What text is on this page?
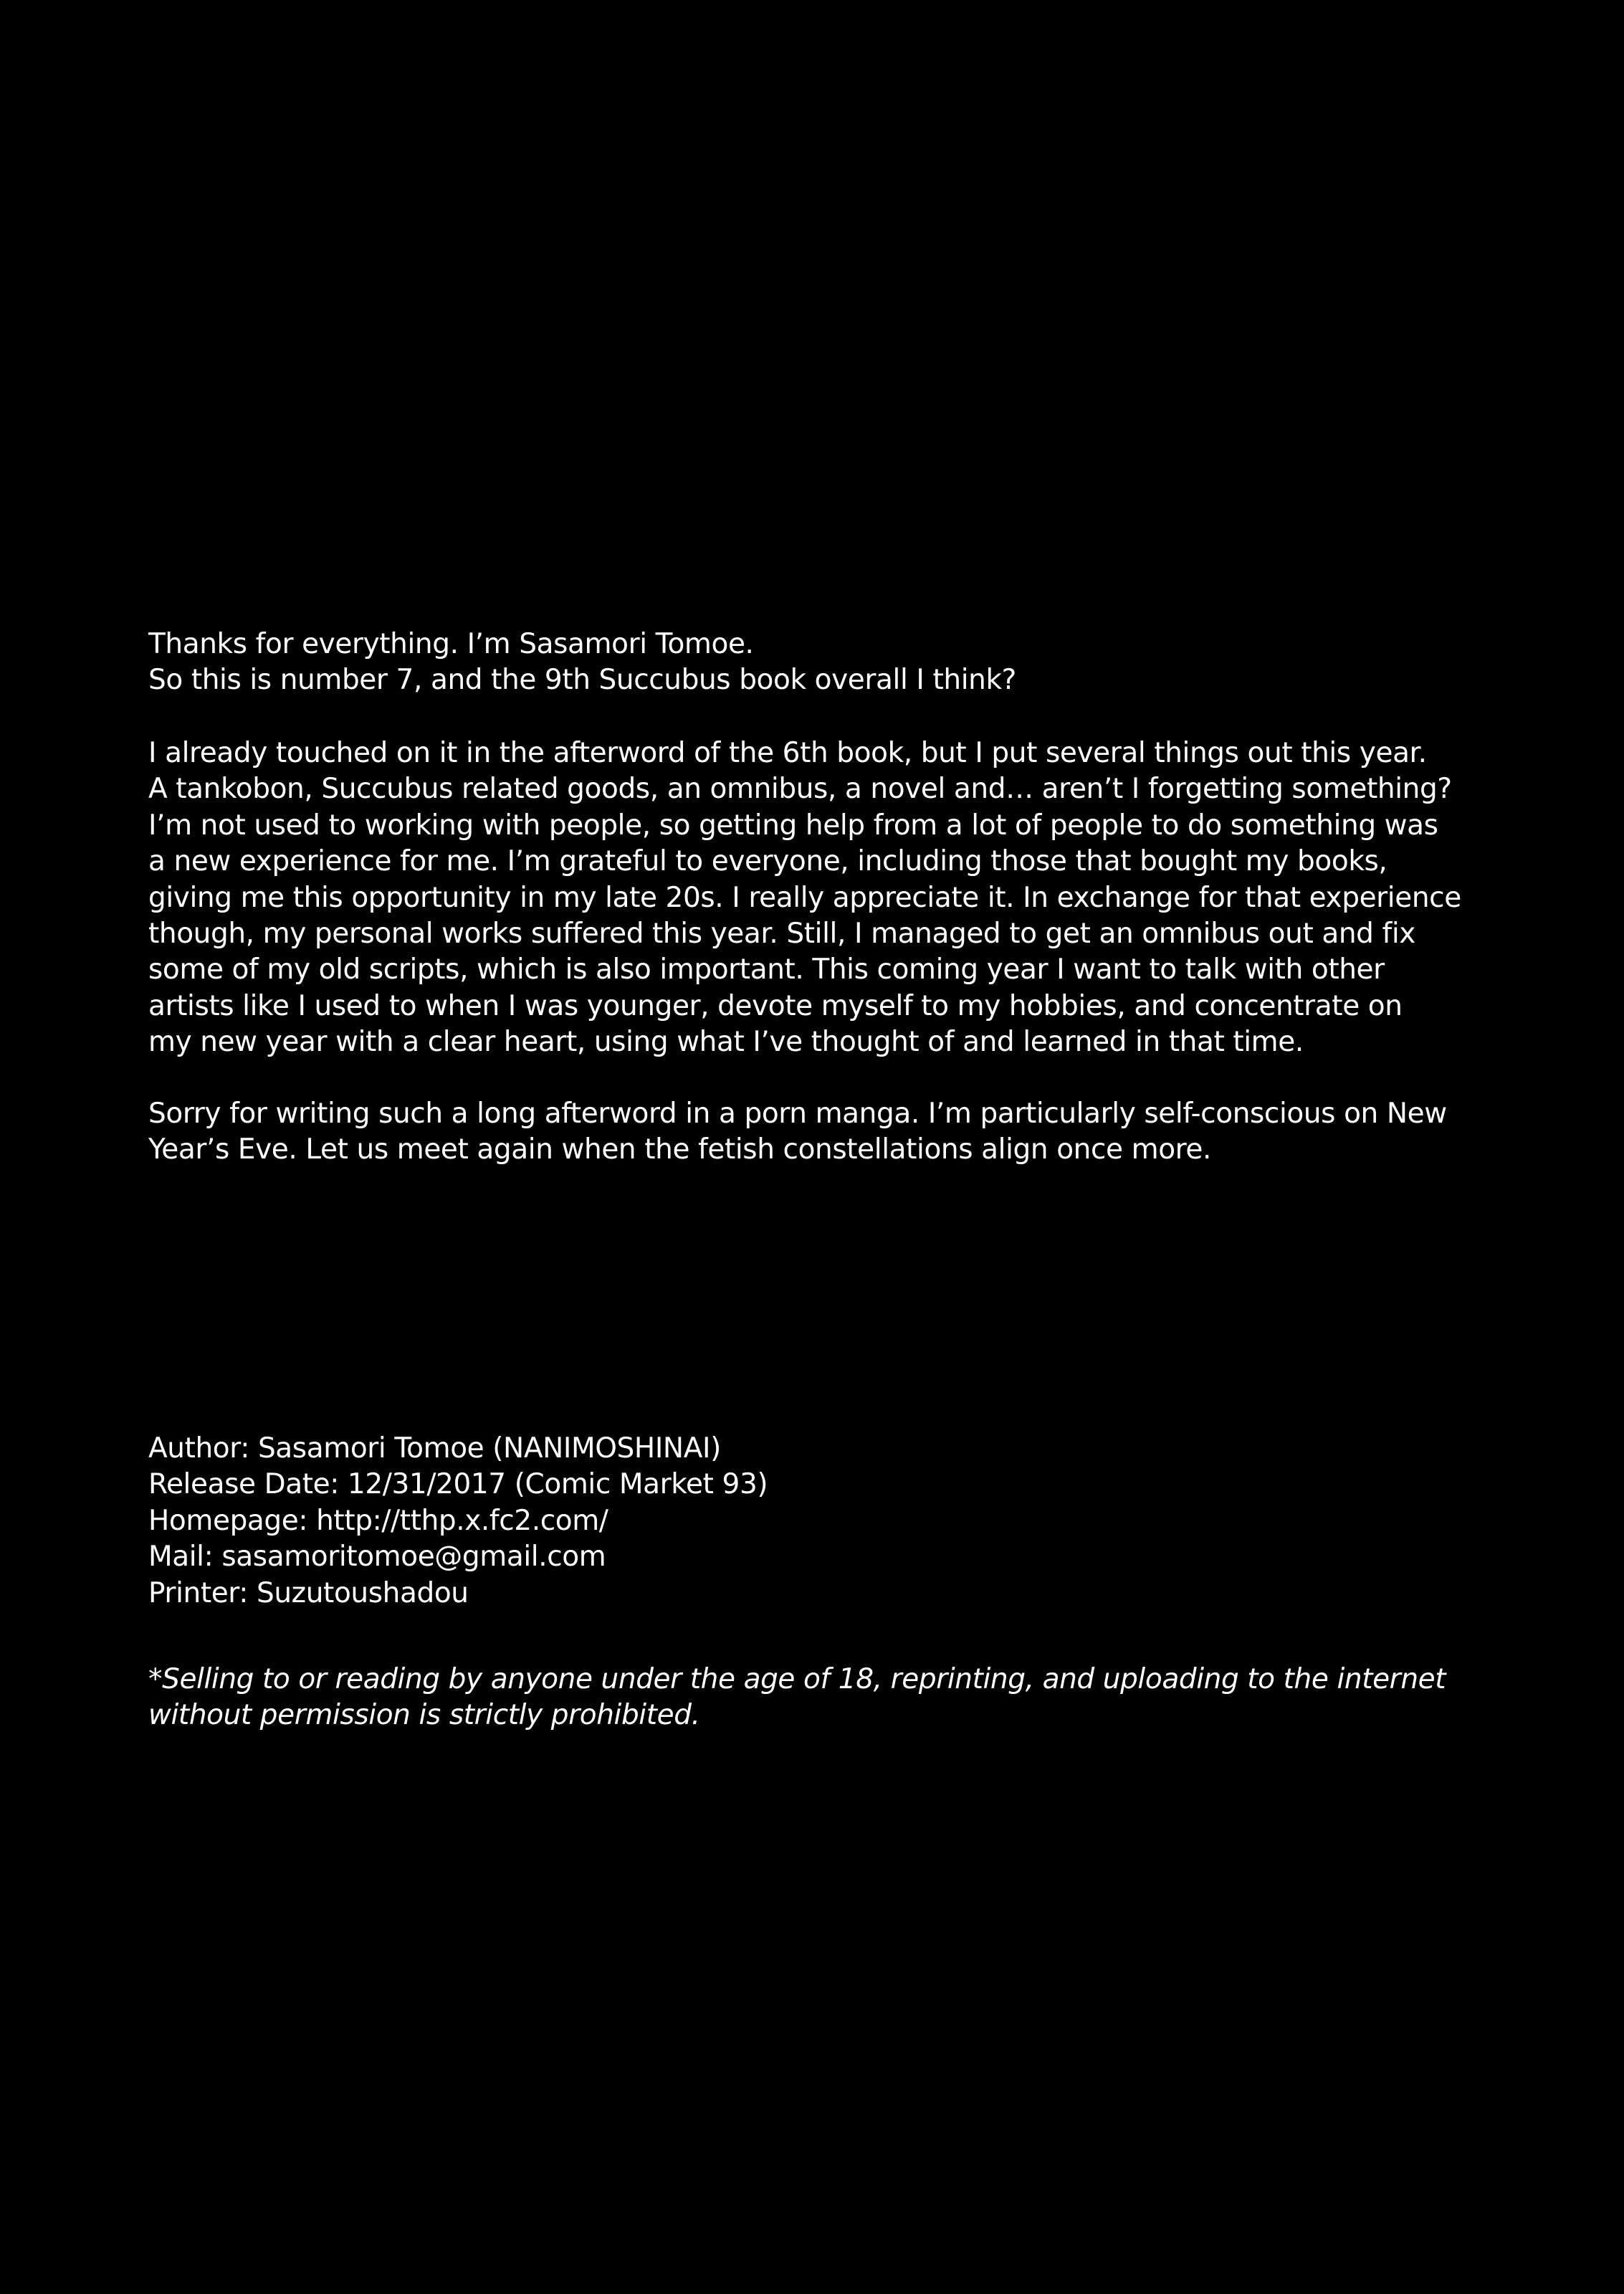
Thanks for everything. I’m Sasamori Tomoe.
So this is number 7, and the 9th Succubus book overall I think?
I already touched on it in the afterword of the 6th book, but I put several things out this year.
A tankobon, Succubus related goods, an omnibus, a novel and… aren’t I forgetting something?
I’m not used to working with people, so getting help from a lot of people to do something was
a new experience for me. I’m grateful to everyone, including those that bought my books,
giving me this opportunity in my late 20s. I really appreciate it. In exchange for that experience
though, my personal works suffered this year. Still, I managed to get an omnibus out and fix
some of my old scripts, which is also important. This coming year I want to talk with other
artists like I used to when I was younger, devote myself to my hobbies, and concentrate on
my new year with a clear heart, using what I’ve thought of and learned in that time.
Sorry for writing such a long afterword in a porn manga. I’m particularly self-conscious on New
Year’s Eve. Let us meet again when the fetish constellations align once more.
Author: Sasamori Tomoe (NANIMOSHINAI)
Release Date: 12/31/2017 (Comic Market 93)
Homepage: http://tthp.x.fc2.com/
Mail: sasamoritomoe@gmail.com
Printer: Suzutoushadou
*Selling to or reading by anyone under the age of 18, reprinting, and uploading to the internet
without permission is strictly prohibited.
